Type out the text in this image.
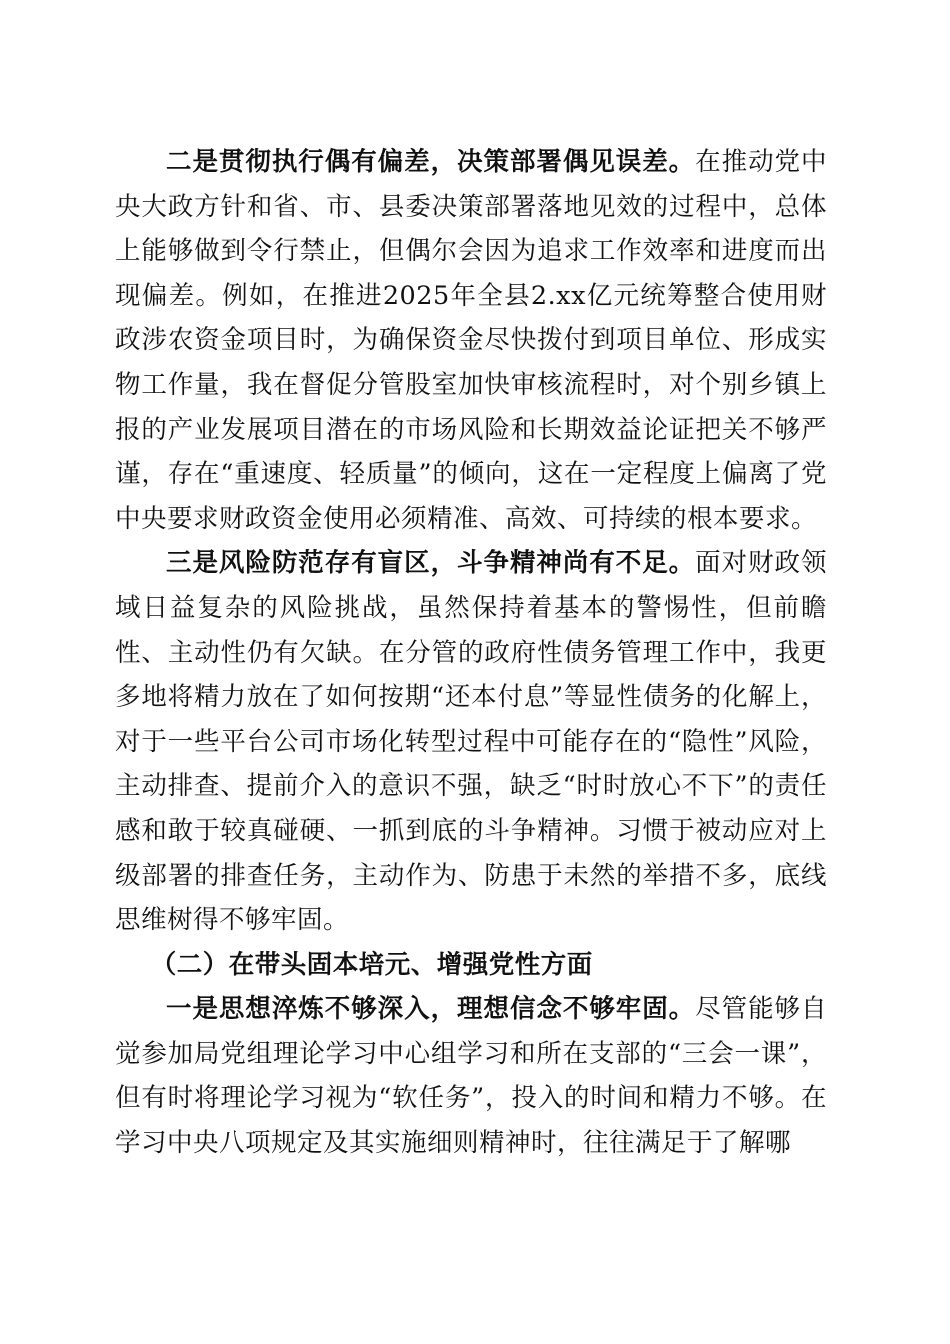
二是贯彻执行偶有偏差，决策部署偶见误差。在推动党中央大政方针和省、市、县委决策部署落地见效的过程中，总体上能够做到令行禁止，但偶尔会因为追求工作效率和进度而出现偏差。例如，在推进2025年全县2.xx亿元统筹整合使用财政涉农资金项目时，为确保资金尽快拨付到项目单位、形成实物工作量，我在督促分管股室加快审核流程时，对个别乡镇上报的产业发展项目潜在的市场风险和长期效益论证把关不够严谨，存在“重速度、轻质量”的倾向，这在一定程度上偏离了党中央要求财政资金使用必须精准、高效、可持续的根本要求。

三是风险防范存有盲区，斗争精神尚有不足。面对财政领域日益复杂的风险挑战，虽然保持着基本的警惕性，但前瞻性、主动性仍有欠缺。在分管的政府性债务管理工作中，我更多地将精力放在了如何按期“还本付息”等显性债务的化解上，对于一些平台公司市场化转型过程中可能存在的“隐性”风险，主动排查、提前介入的意识不强，缺乏“时时放心不下”的责任感和敢于较真碰硬、一抓到底的斗争精神。习惯于被动应对上级部署的排查任务，主动作为、防患于未然的举措不多，底线思维树得不够牢固。

（二）在带头固本培元、增强党性方面

一是思想淬炼不够深入，理想信念不够牢固。尽管能够自觉参加局党组理论学习中心组学习和所在支部的“三会一课”，但有时将理论学习视为“软任务”，投入的时间和精力不够。在学习中央八项规定及其实施细则精神时，往往满足于了解哪
